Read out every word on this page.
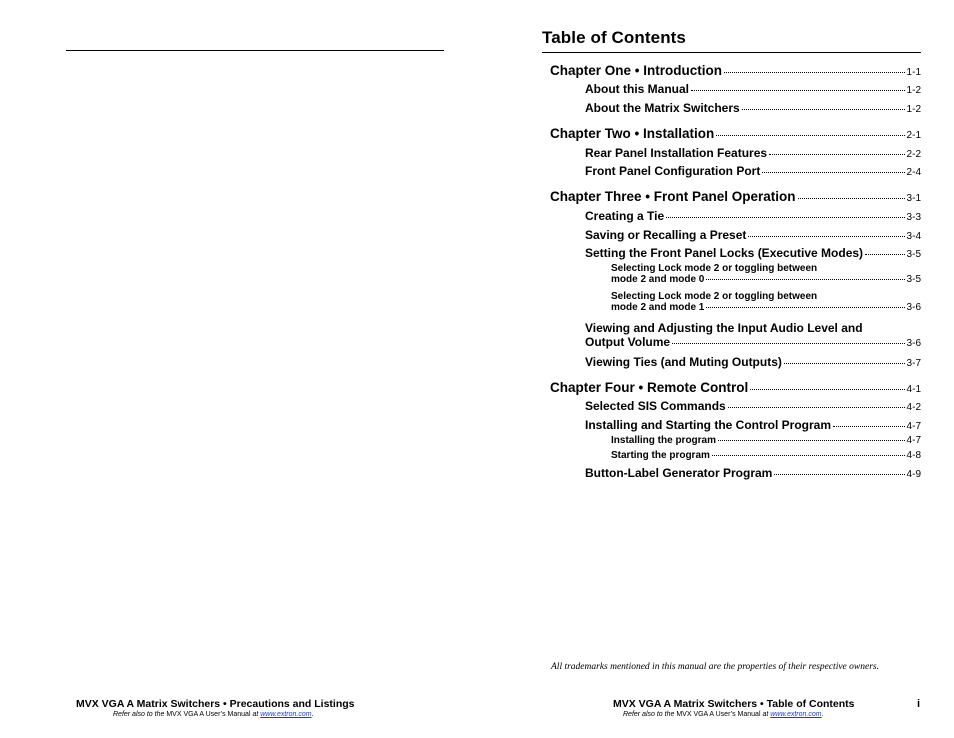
MVX VGA A Matrix Switchers • Precautions and Listings
Refer also to the MVX VGA A User’s Manual at www.extron.com.
Table of Contents
Chapter One • Introduction	1-1
About this Manual	1-2
About the Matrix Switchers	1-2
Chapter Two • Installation	2-1
Rear Panel Installation Features	2-2
Front Panel Configuration Port	2-4
Chapter Three • Front Panel Operation	3-1
Creating a Tie	3-3
Saving or Recalling a Preset	3-4
Setting the Front Panel Locks (Executive Modes)	3-5
Selecting Lock mode 2 or toggling between
mode 2 and mode 0	3-5
Selecting Lock mode 2 or toggling between
mode 2 and mode 1	3-6
Viewing and Adjusting the Input Audio Level and
Output Volume	3-6
Viewing Ties (and Muting Outputs)	3-7
Chapter Four • Remote Control	4-1
Selected SIS Commands	4-2
Installing and Starting the Control Program	4-7
Installing the program	4-7
Starting the program	4-8
Button-Label Generator Program	4-9
All trademarks mentioned in this manual are the properties of their respective owners.
MVX VGA A Matrix Switchers • Table of Contents	i
Refer also to the MVX VGA A User’s Manual at www.extron.com.
